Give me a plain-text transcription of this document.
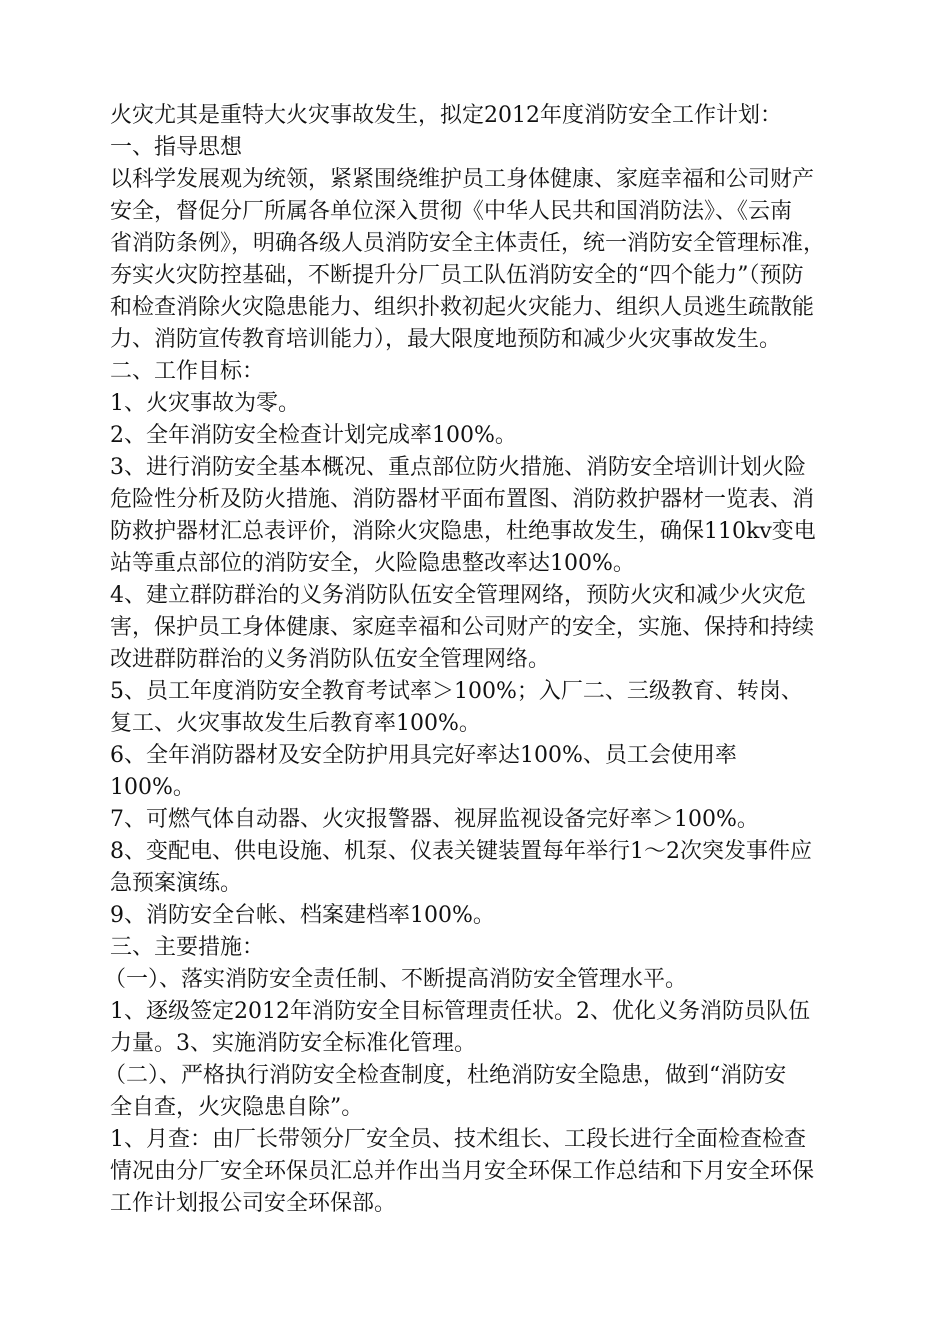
火灾尤其是重特大火灾事故发生，拟定2012年度消防安全工作计划：
一、指导思想
以科学发展观为统领，紧紧围绕维护员工身体健康、家庭幸福和公司财产
安全，督促分厂所属各单位深入贯彻《中华人民共和国消防法》、《云南
省消防条例》，明确各级人员消防安全主体责任，统一消防安全管理标准，
夯实火灾防控基础，不断提升分厂员工队伍消防安全的“四个能力”（预防
和检查消除火灾隐患能力、组织扑救初起火灾能力、组织人员逃生疏散能
力、消防宣传教育培训能力），最大限度地预防和减少火灾事故发生。
二、工作目标：
1、火灾事故为零。
2、全年消防安全检查计划完成率100%。
3、进行消防安全基本概况、重点部位防火措施、消防安全培训计划火险
危险性分析及防火措施、消防器材平面布置图、消防救护器材一览表、消
防救护器材汇总表评价，消除火灾隐患，杜绝事故发生，确保110kv变电
站等重点部位的消防安全，火险隐患整改率达100%。
4、建立群防群治的义务消防队伍安全管理网络，预防火灾和减少火灾危
害，保护员工身体健康、家庭幸福和公司财产的安全，实施、保持和持续
改进群防群治的义务消防队伍安全管理网络。
5、员工年度消防安全教育考试率＞100%；入厂二、三级教育、转岗、
复工、火灾事故发生后教育率100%。
6、全年消防器材及安全防护用具完好率达100%、员工会使用率
100%。
7、可燃气体自动器、火灾报警器、视屏监视设备完好率＞100%。
8、变配电、供电设施、机泵、仪表关键装置每年举行1～2次突发事件应
急预案演练。
9、消防安全台帐、档案建档率100%。
三、主要措施：
（一）、落实消防安全责任制、不断提高消防安全管理水平。
1、逐级签定2012年消防安全目标管理责任状。2、优化义务消防员队伍
力量。3、实施消防安全标准化管理。
（二）、严格执行消防安全检查制度，杜绝消防安全隐患，做到“消防安
全自查，火灾隐患自除”。
1、月查：由厂长带领分厂安全员、技术组长、工段长进行全面检查检查
情况由分厂安全环保员汇总并作出当月安全环保工作总结和下月安全环保
工作计划报公司安全环保部。
